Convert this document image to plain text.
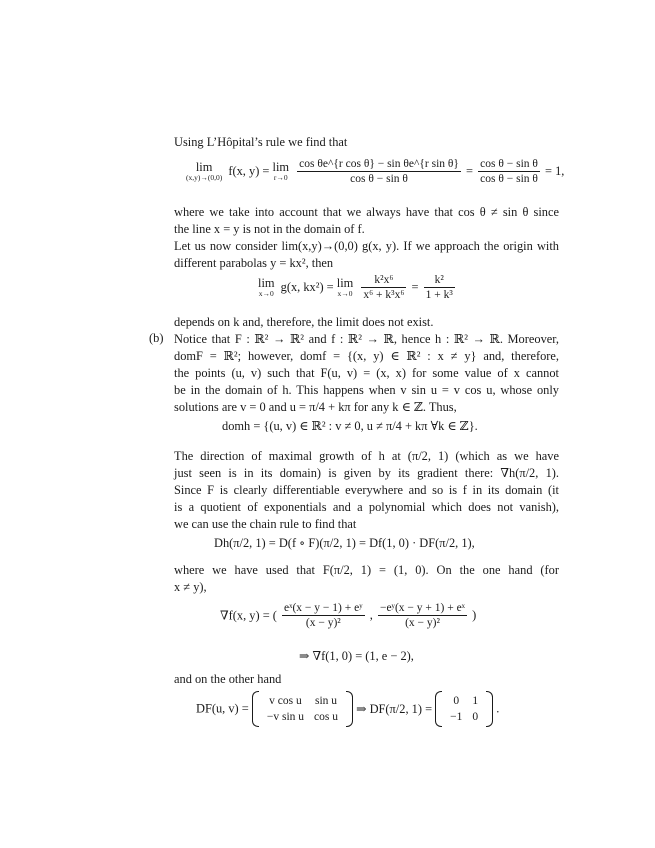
Using L’Hôpital’s rule we find that
lim
(x,y)→(0,0) f(x, y) = lim
r→0
$\frac{\text{cos θe\textasciicircum{}\{r cos θ\} − sin θe\textasciicircum{}\{r sin θ\}}}{\text{cos θ − sin θ}} = \frac{\text{cos θ − sin θ}}{\text{cos θ − sin θ}} = 1$,
where we take into account that we always have that cos θ ≠ sin θ since
the line x = y is not in the domain of f.
Let us now consider lim(x,y)→(0,0) g(x, y). If we approach the origin with
different parabolas y = kx², then
lim
x→0 g(x, kx²) = lim
x→0
$\frac{\text{k²x⁶}}{\text{x⁶ + k³x⁶}} = \frac{\text{k²}}{\text{1 + k³}}$
depends on k and, therefore, the limit does not exist.
(b) Notice that F : ℝ² → ℝ² and f : ℝ² → ℝ, hence h : ℝ² → ℝ. Moreover,
domF = ℝ²; however, domf = {(x, y) ∈ ℝ² : x ≠ y} and, therefore,
the points (u, v) such that F(u, v) = (x, x) for some value of x cannot
be in the domain of h. This happens when v sin u = v cos u, whose only
solutions are v = 0 and u = π/4 + kπ for any k ∈ ℤ. Thus,
domh = {(u, v) ∈ ℝ² : v ≠ 0, u ≠ π/4 + kπ ∀k ∈ ℤ}.
The direction of maximal growth of h at (π/2, 1) (which as we have
just seen is in its domain) is given by its gradient there: ∇h(π/2, 1).
Since F is clearly differentiable everywhere and so is f in its domain (it
is a quotient of exponentials and a polynomial which does not vanish),
we can use the chain rule to find that
Dh(π/2, 1) = D(f ∘ F)(π/2, 1) = Df(1, 0) · DF(π/2, 1),
where we have used that F(π/2, 1) = (1, 0). On the one hand (for
x ≠ y),
∇f(x, y) = ( $\frac{\text{eˣ(x − y − 1) + eʸ}}{\text{(x − y)²}}$ , $\frac{\text{−eʸ(x − y + 1) + eˣ}}{\text{(x − y)²}}$ )
⇒ ∇f(1, 0) = (1, e − 2),
and on the other hand
DF(u, v) =
v cos u	sin u
−v sin u	cos u
⇒ DF(π/2, 1) =
0	1
−1	0
.
